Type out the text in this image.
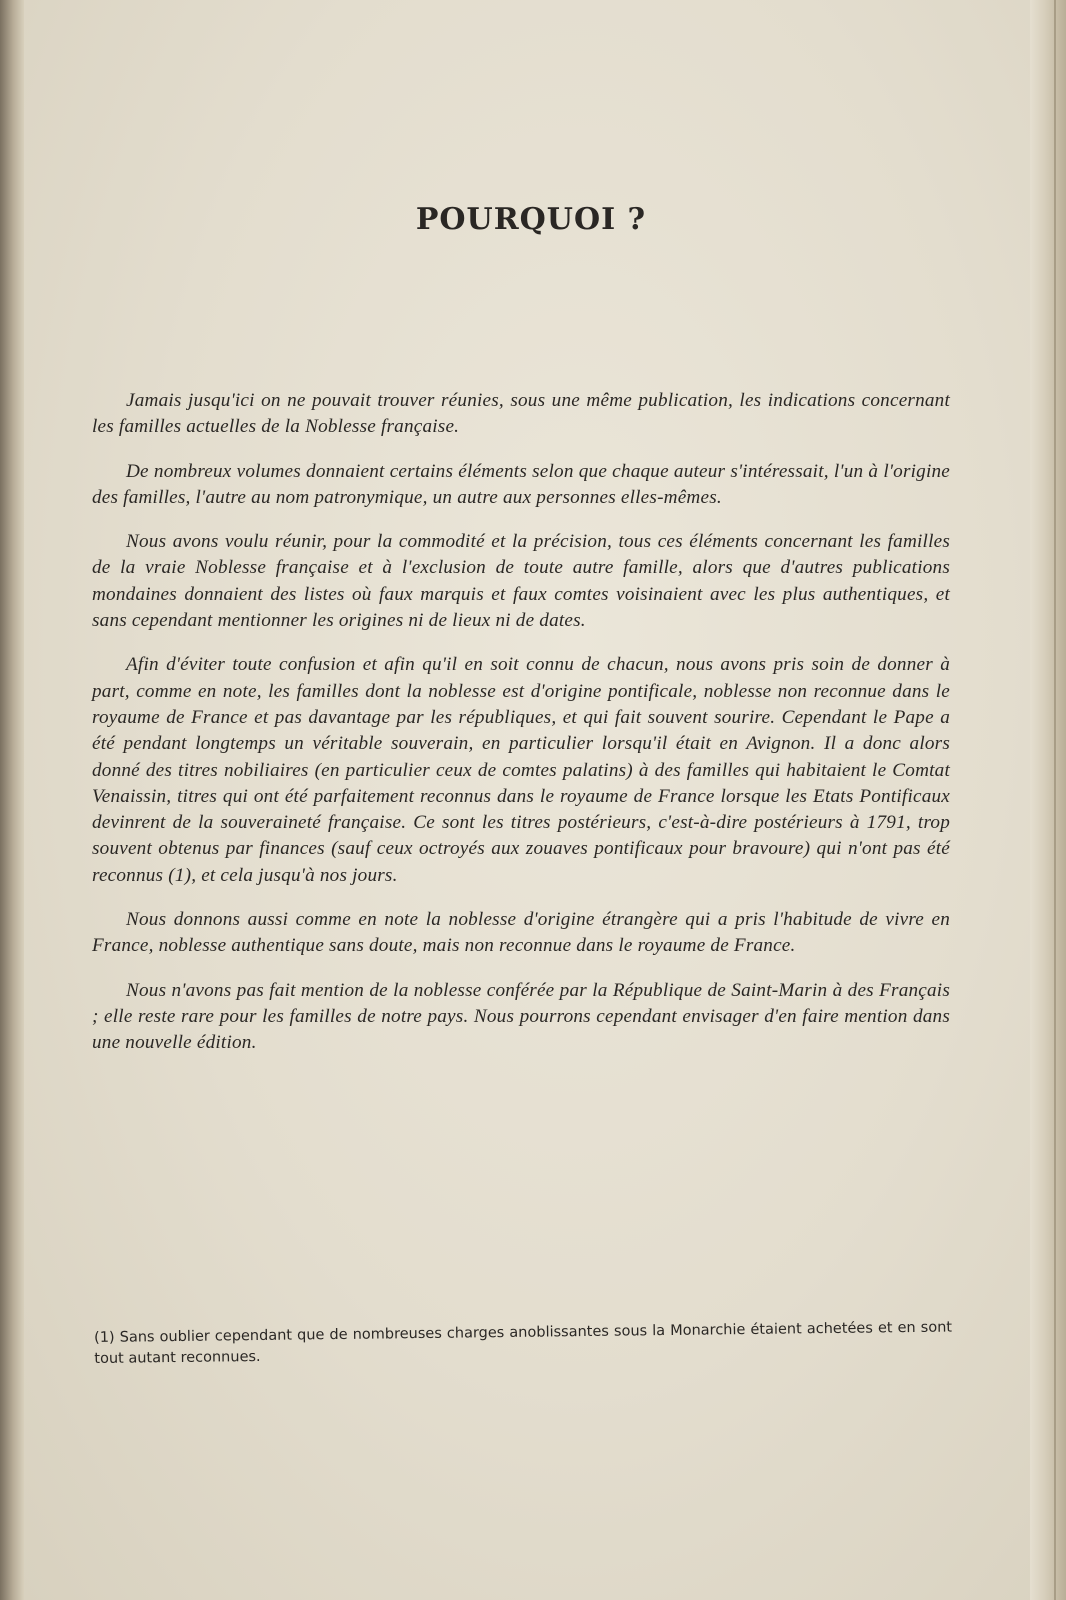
POURQUOI ?

Jamais jusqu'ici on ne pouvait trouver réunies, sous une même publication, les indications concernant les familles actuelles de la Noblesse française.

De nombreux volumes donnaient certains éléments selon que chaque auteur s'intéressait, l'un à l'origine des familles, l'autre au nom patronymique, un autre aux personnes elles-mêmes.

Nous avons voulu réunir, pour la commodité et la précision, tous ces éléments concernant les familles de la vraie Noblesse française et à l'exclusion de toute autre famille, alors que d'autres publications mondaines donnaient des listes où faux marquis et faux comtes voisinaient avec les plus authentiques, et sans cependant mentionner les origines ni de lieux ni de dates.

Afin d'éviter toute confusion et afin qu'il en soit connu de chacun, nous avons pris soin de donner à part, comme en note, les familles dont la noblesse est d'origine pontificale, noblesse non reconnue dans le royaume de France et pas davantage par les républiques, et qui fait souvent sourire. Cependant le Pape a été pendant longtemps un véritable souverain, en particulier lorsqu'il était en Avignon. Il a donc alors donné des titres nobiliaires (en particulier ceux de comtes palatins) à des familles qui habitaient le Comtat Venaissin, titres qui ont été parfaitement reconnus dans le royaume de France lorsque les Etats Pontificaux devinrent de la souveraineté française. Ce sont les titres postérieurs, c'est-à-dire postérieurs à 1791, trop souvent obtenus par finances (sauf ceux octroyés aux zouaves pontificaux pour bravoure) qui n'ont pas été reconnus (1), et cela jusqu'à nos jours.

Nous donnons aussi comme en note la noblesse d'origine étrangère qui a pris l'habitude de vivre en France, noblesse authentique sans doute, mais non reconnue dans le royaume de France.

Nous n'avons pas fait mention de la noblesse conférée par la République de Saint-Marin à des Français ; elle reste rare pour les familles de notre pays. Nous pourrons cependant envisager d'en faire mention dans une nouvelle édition.

(1) Sans oublier cependant que de nombreuses charges anoblissantes sous la Monarchie étaient achetées et en sont tout autant reconnues.
